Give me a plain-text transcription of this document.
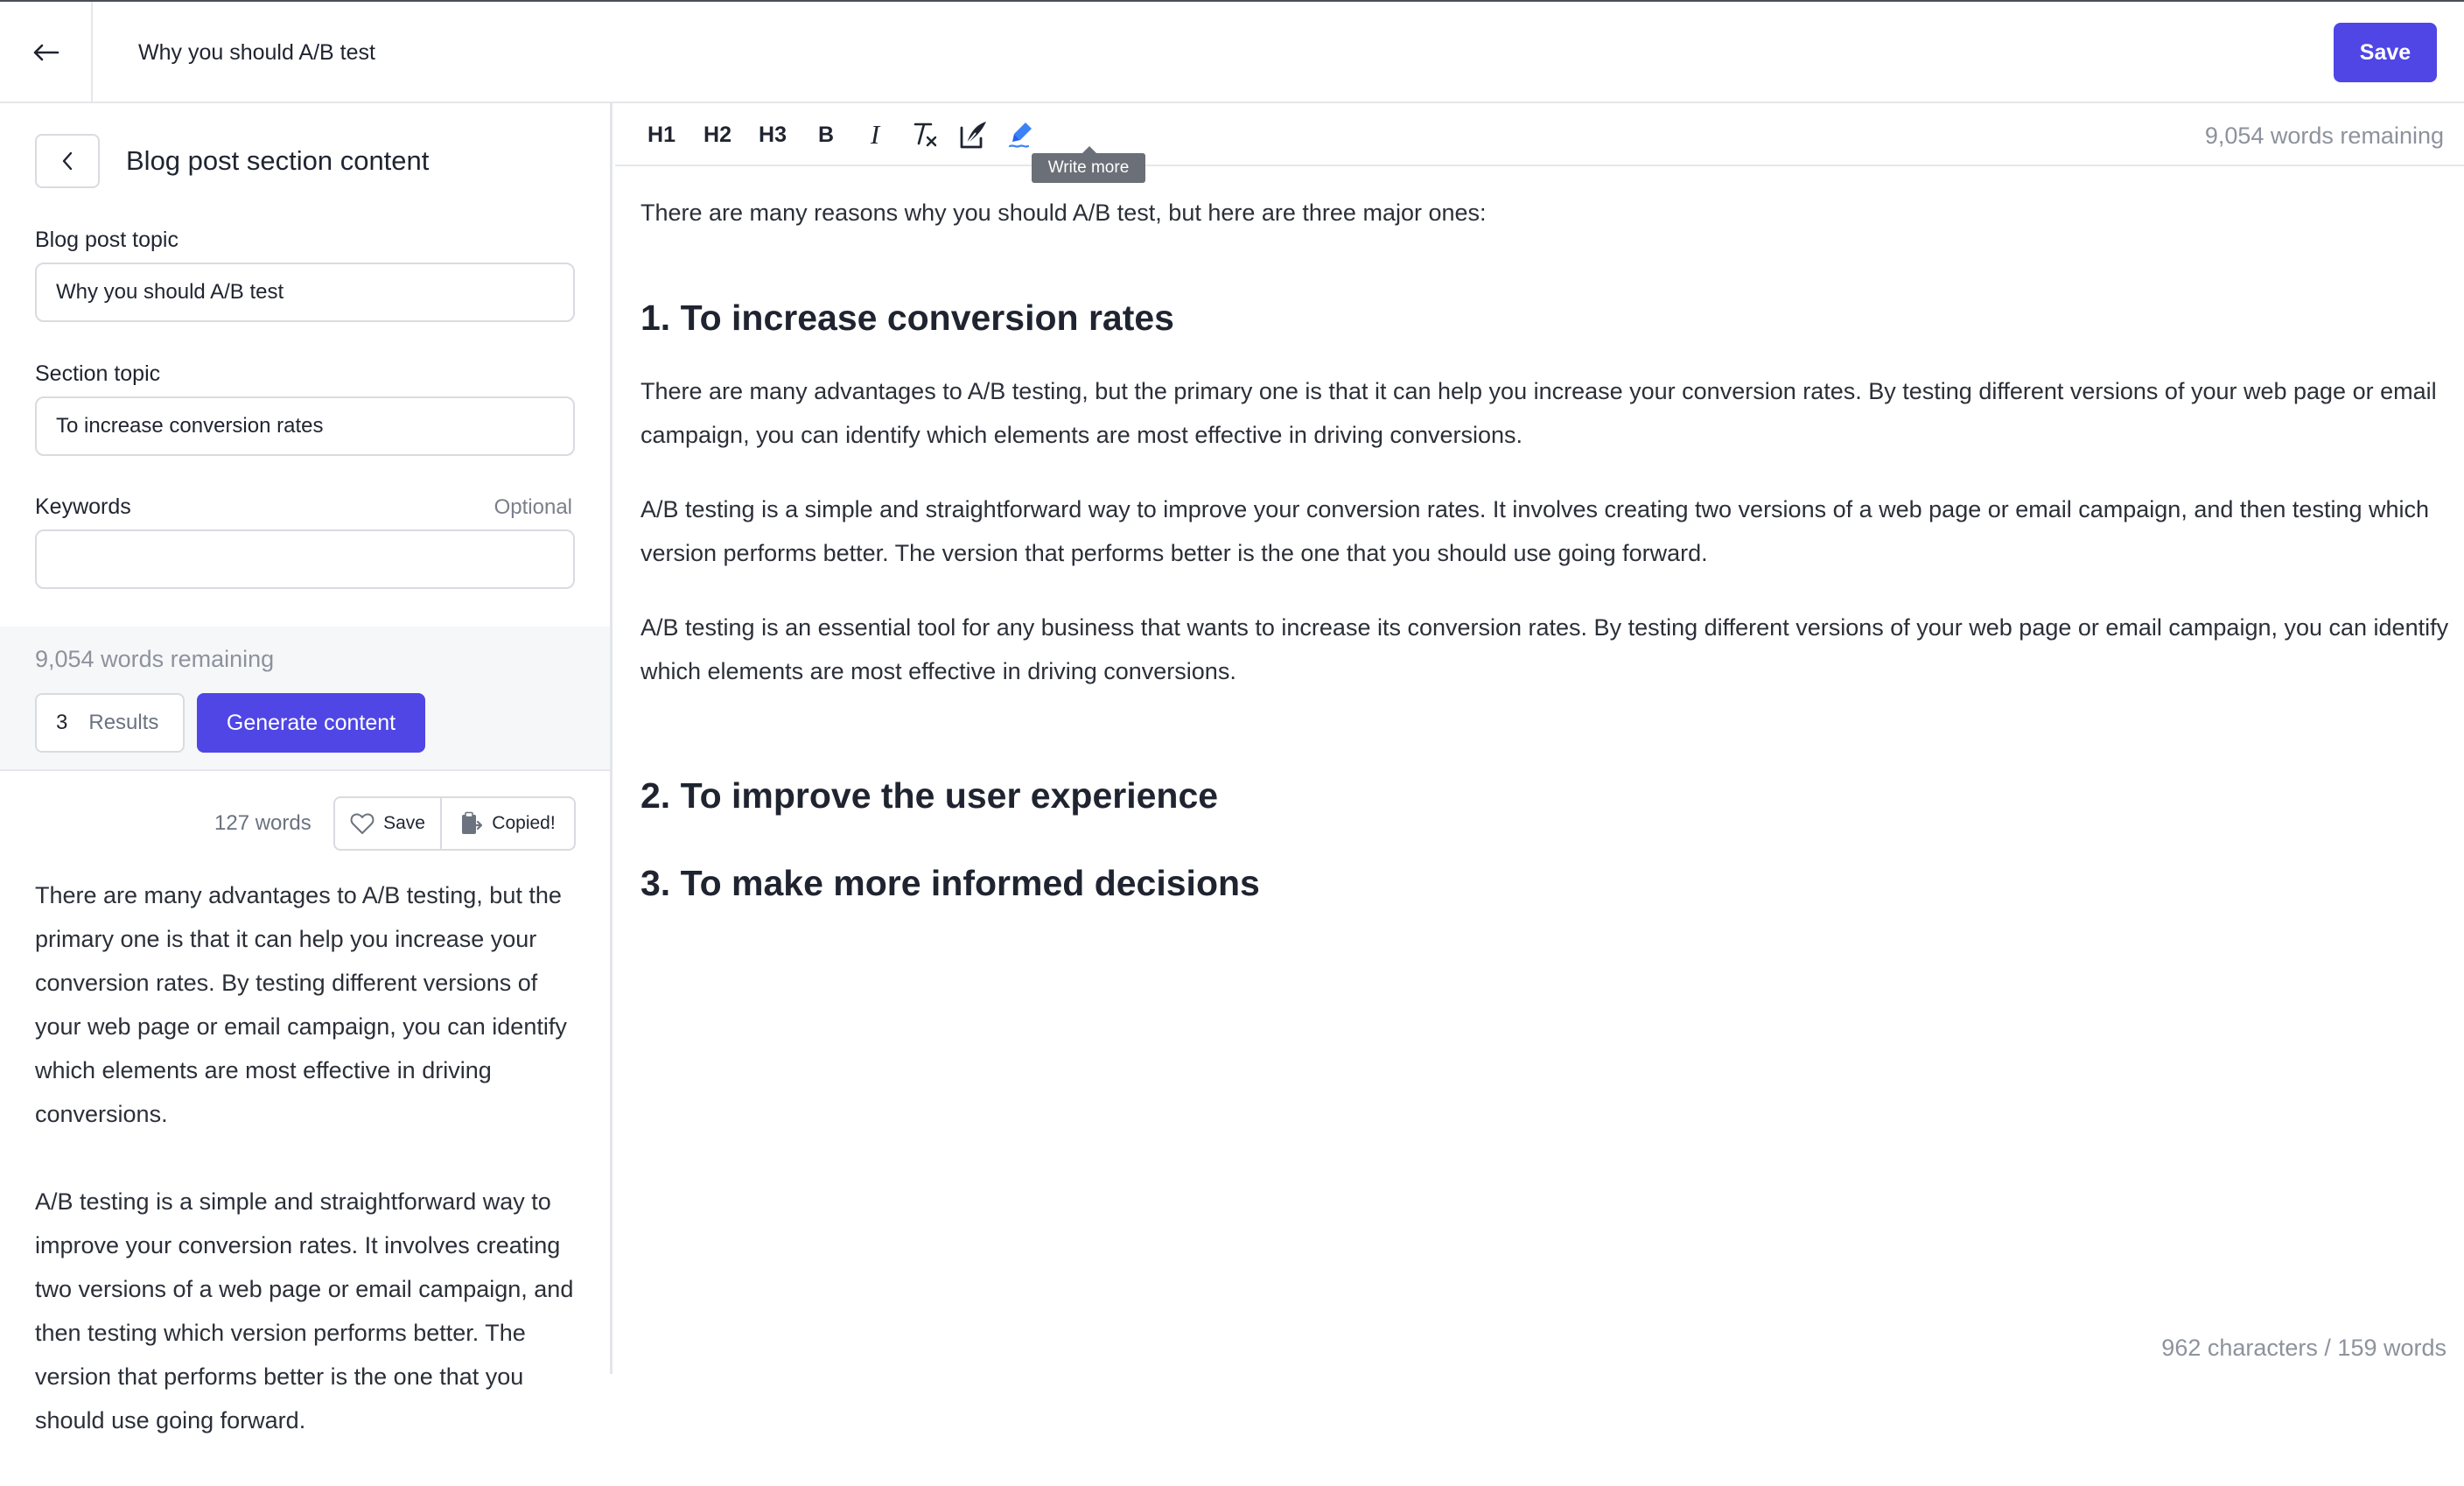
Why you should A/B test	Save
Blog post section content
Blog post topic
Why you should A/B test
Section topic
To increase conversion rates
Keywords	Optional
9,054 words remaining
3 Results	Generate content
127 words	Save	Copied!

There are many advantages to A/B testing, but the primary one is that it can help you increase your conversion rates. By testing different versions of your web page or email campaign, you can identify which elements are most effective in driving conversions.

A/B testing is a simple and straightforward way to improve your conversion rates. It involves creating two versions of a web page or email campaign, and then testing which version performs better. The version that performs better is the one that you should use going forward.

H1 H2 H3 B	I	9,054 words remaining
There are many reasons why you should A/B test, but here are three major ones:
1. To increase conversion rates
There are many advantages to A/B testing, but the primary one is that it can help you increase your conversion rates. By testing different versions of your web page or email campaign, you can identify which elements are most effective in driving conversions.
A/B testing is a simple and straightforward way to improve your conversion rates. It involves creating two versions of a web page or email campaign, and then testing which version performs better. The version that performs better is the one that you should use going forward.
A/B testing is an essential tool for any business that wants to increase its conversion rates. By testing different versions of your web page or email campaign, you can identify which elements are most effective in driving conversions.
2. To improve the user experience
3. To make more informed decisions
962 characters / 159 words
Write more
